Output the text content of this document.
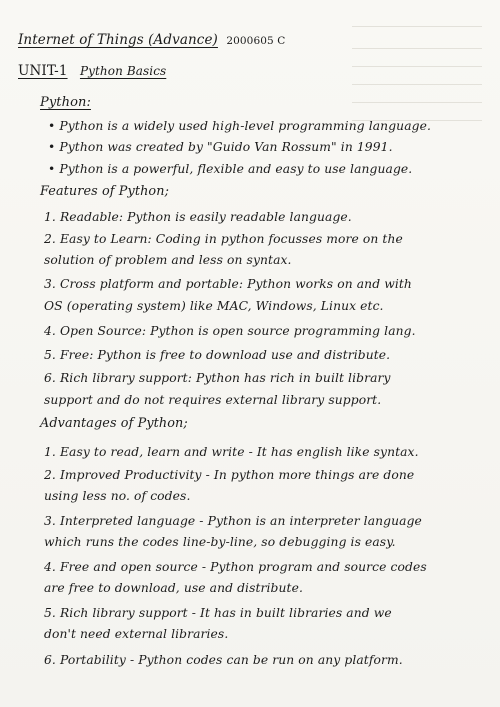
Internet of Things (Advance) 2000605 C
UNIT-1 Python Basics
Python:
• Python is a widely used high-level programming language.
• Python was created by "Guido Van Rossum" in 1991.
• Python is a powerful, flexible and easy to use language.
Features of Python;
1. Readable: Python is easily readable language.
2. Easy to Learn: Coding in python focusses more on the
solution of problem and less on syntax.
3. Cross platform and portable: Python works on and with
OS (operating system) like MAC, Windows, Linux etc.
4. Open Source: Python is open source programming lang.
5. Free: Python is free to download use and distribute.
6. Rich library support: Python has rich in built library
support and do not requires external library support.
Advantages of Python;
1. Easy to read, learn and write - It has english like syntax.
2. Improved Productivity - In python more things are done
using less no. of codes.
3. Interpreted language - Python is an interpreter language
which runs the codes line-by-line, so debugging is easy.
4. Free and open source - Python program and source codes
are free to download, use and distribute.
5. Rich library support - It has in built libraries and we
don't need external libraries.
6. Portability - Python codes can be run on any platform.
